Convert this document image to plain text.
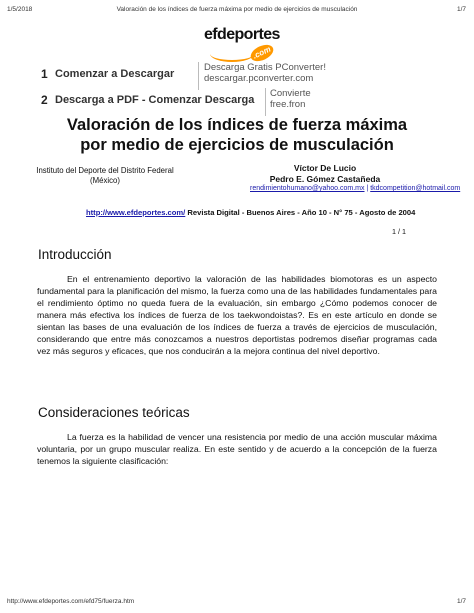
1/5/2018	Valoración de los índices de fuerza máxima por medio de ejercicios de musculación	1/7
efdeportes
.com
1 Comenzar a Descargar
Descarga Gratis PConverter!
descargar.pconverter.com
2 Descarga a PDF - Comenzar Descarga
Convierte
free.fron
Valoración de los índices de fuerza máxima
por medio de ejercicios de musculación
Instituto del Deporte del Distrito Federal
(México)
Víctor De Lucio
Pedro E. Gómez Castañeda
rendimientohumano@yahoo.com.mx | tkdcompetition@hotmail.com
http://www.efdeportes.com/ Revista Digital - Buenos Aires - Año 10 - N° 75 - Agosto de 2004
1 / 1
Introducción
En el entrenamiento deportivo la valoración de las habilidades biomotoras es un aspecto fundamental para la planificación del mismo, la fuerza como una de las habilidades fundamentales para el rendimiento óptimo no queda fuera de la evaluación, sin embargo ¿Cómo podemos conocer de manera más efectiva los índices de fuerza de los taekwondoistas?. Es en este artículo en donde se sientan las bases de una evaluación de los índices de fuerza a través de ejercicios de musculación, considerando que entre más conozcamos a nuestros deportistas podremos diseñar programas cada vez más seguros y eficaces, que nos conducirán a la mejora continua del nivel deportivo.
Consideraciones teóricas
La fuerza es la habilidad de vencer una resistencia por medio de una acción muscular máxima voluntaria, por un grupo muscular realiza. En este sentido y de acuerdo a la concepción de la fuerza tenemos la siguiente clasificación:
http://www.efdeportes.com/efd75/fuerza.htm	1/7
